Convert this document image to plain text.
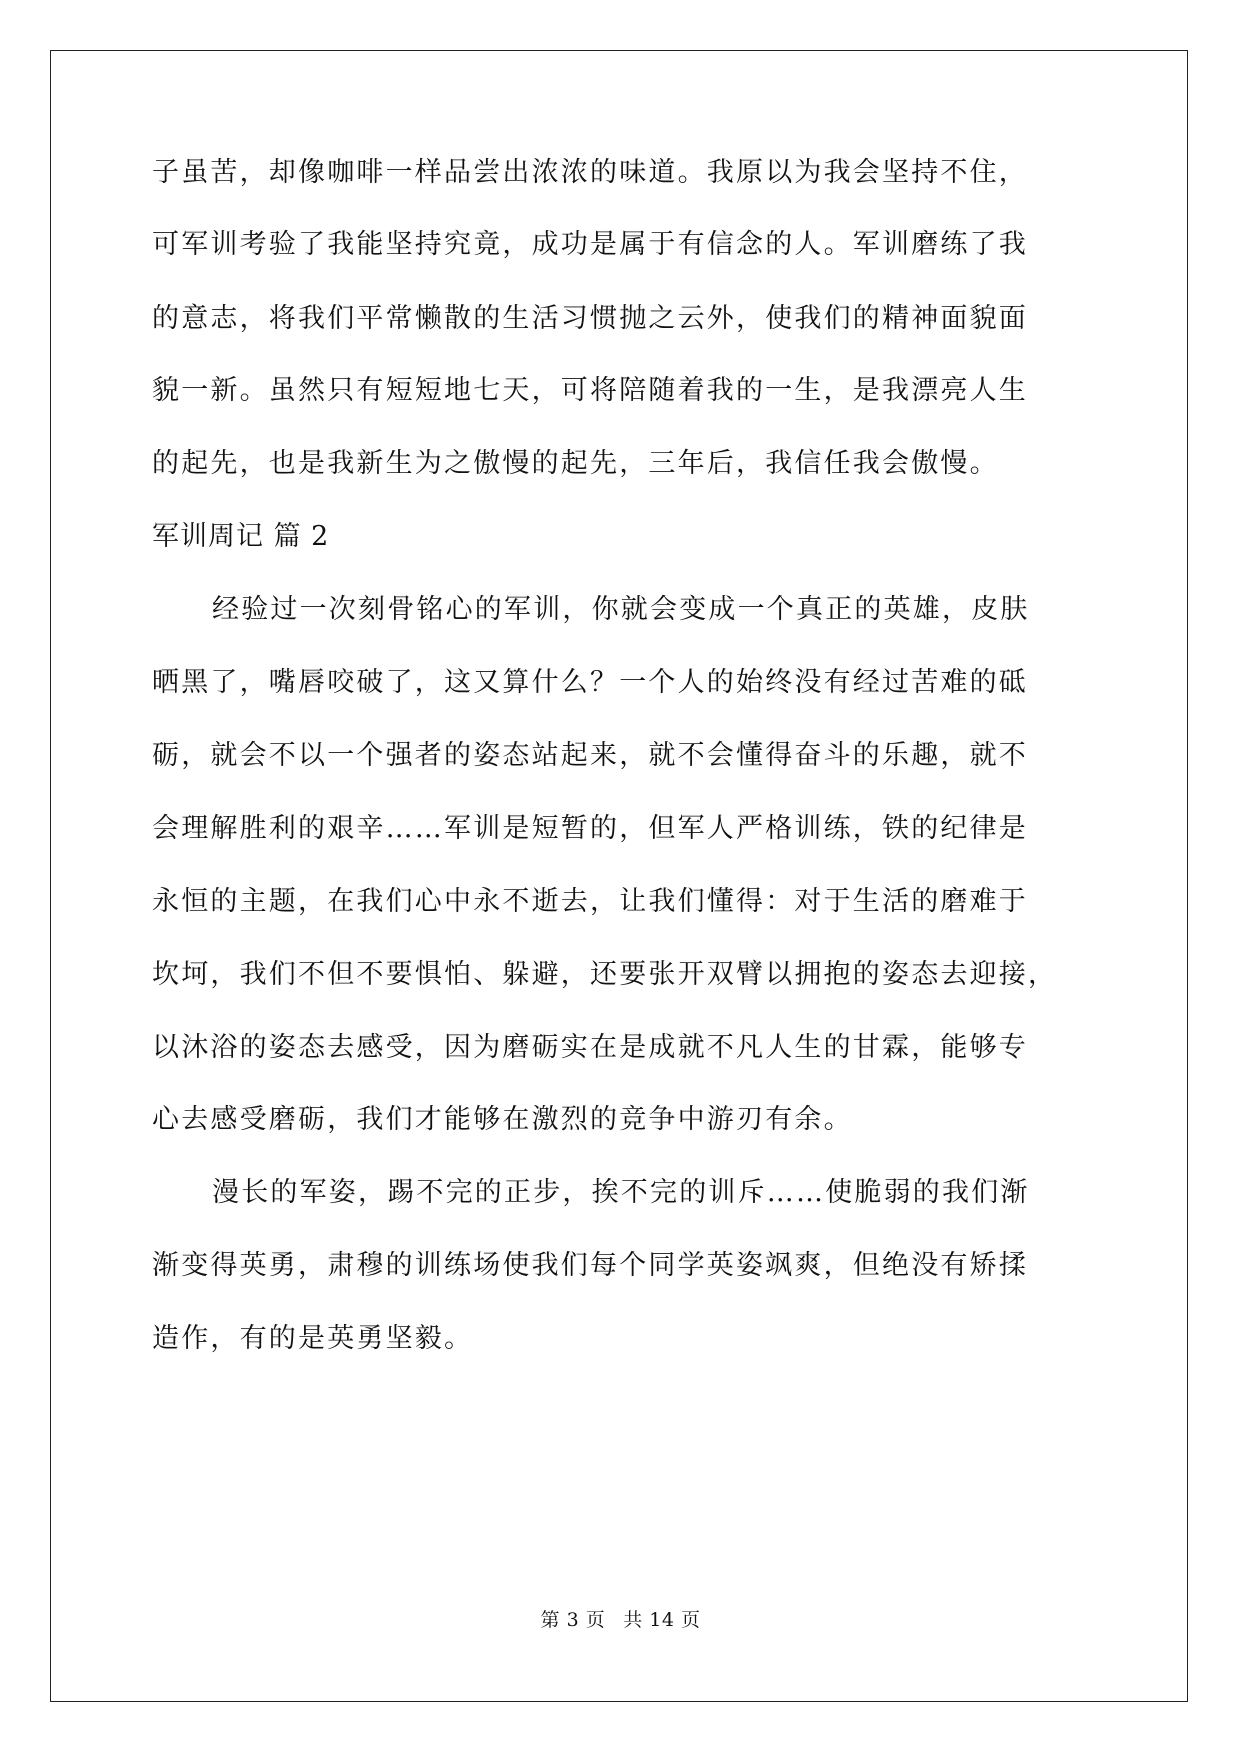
子虽苦，却像咖啡一样品尝出浓浓的味道。我原以为我会坚持不住，
可军训考验了我能坚持究竟，成功是属于有信念的人。军训磨练了我
的意志，将我们平常懒散的生活习惯抛之云外，使我们的精神面貌面
貌一新。虽然只有短短地七天，可将陪随着我的一生，是我漂亮人生
的起先，也是我新生为之傲慢的起先，三年后，我信任我会傲慢。
军训周记 篇 2
经验过一次刻骨铭心的军训，你就会变成一个真正的英雄，皮肤
晒黑了，嘴唇咬破了，这又算什么？一个人的始终没有经过苦难的砥
砺，就会不以一个强者的姿态站起来，就不会懂得奋斗的乐趣，就不
会理解胜利的艰辛……军训是短暂的，但军人严格训练，铁的纪律是
永恒的主题，在我们心中永不逝去，让我们懂得：对于生活的磨难于
坎坷，我们不但不要惧怕、躲避，还要张开双臂以拥抱的姿态去迎接，
以沐浴的姿态去感受，因为磨砺实在是成就不凡人生的甘霖，能够专
心去感受磨砺，我们才能够在激烈的竞争中游刃有余。
漫长的军姿，踢不完的正步，挨不完的训斥……使脆弱的我们渐
渐变得英勇，肃穆的训练场使我们每个同学英姿飒爽，但绝没有矫揉
造作，有的是英勇坚毅。
第 3 页 共 14 页
